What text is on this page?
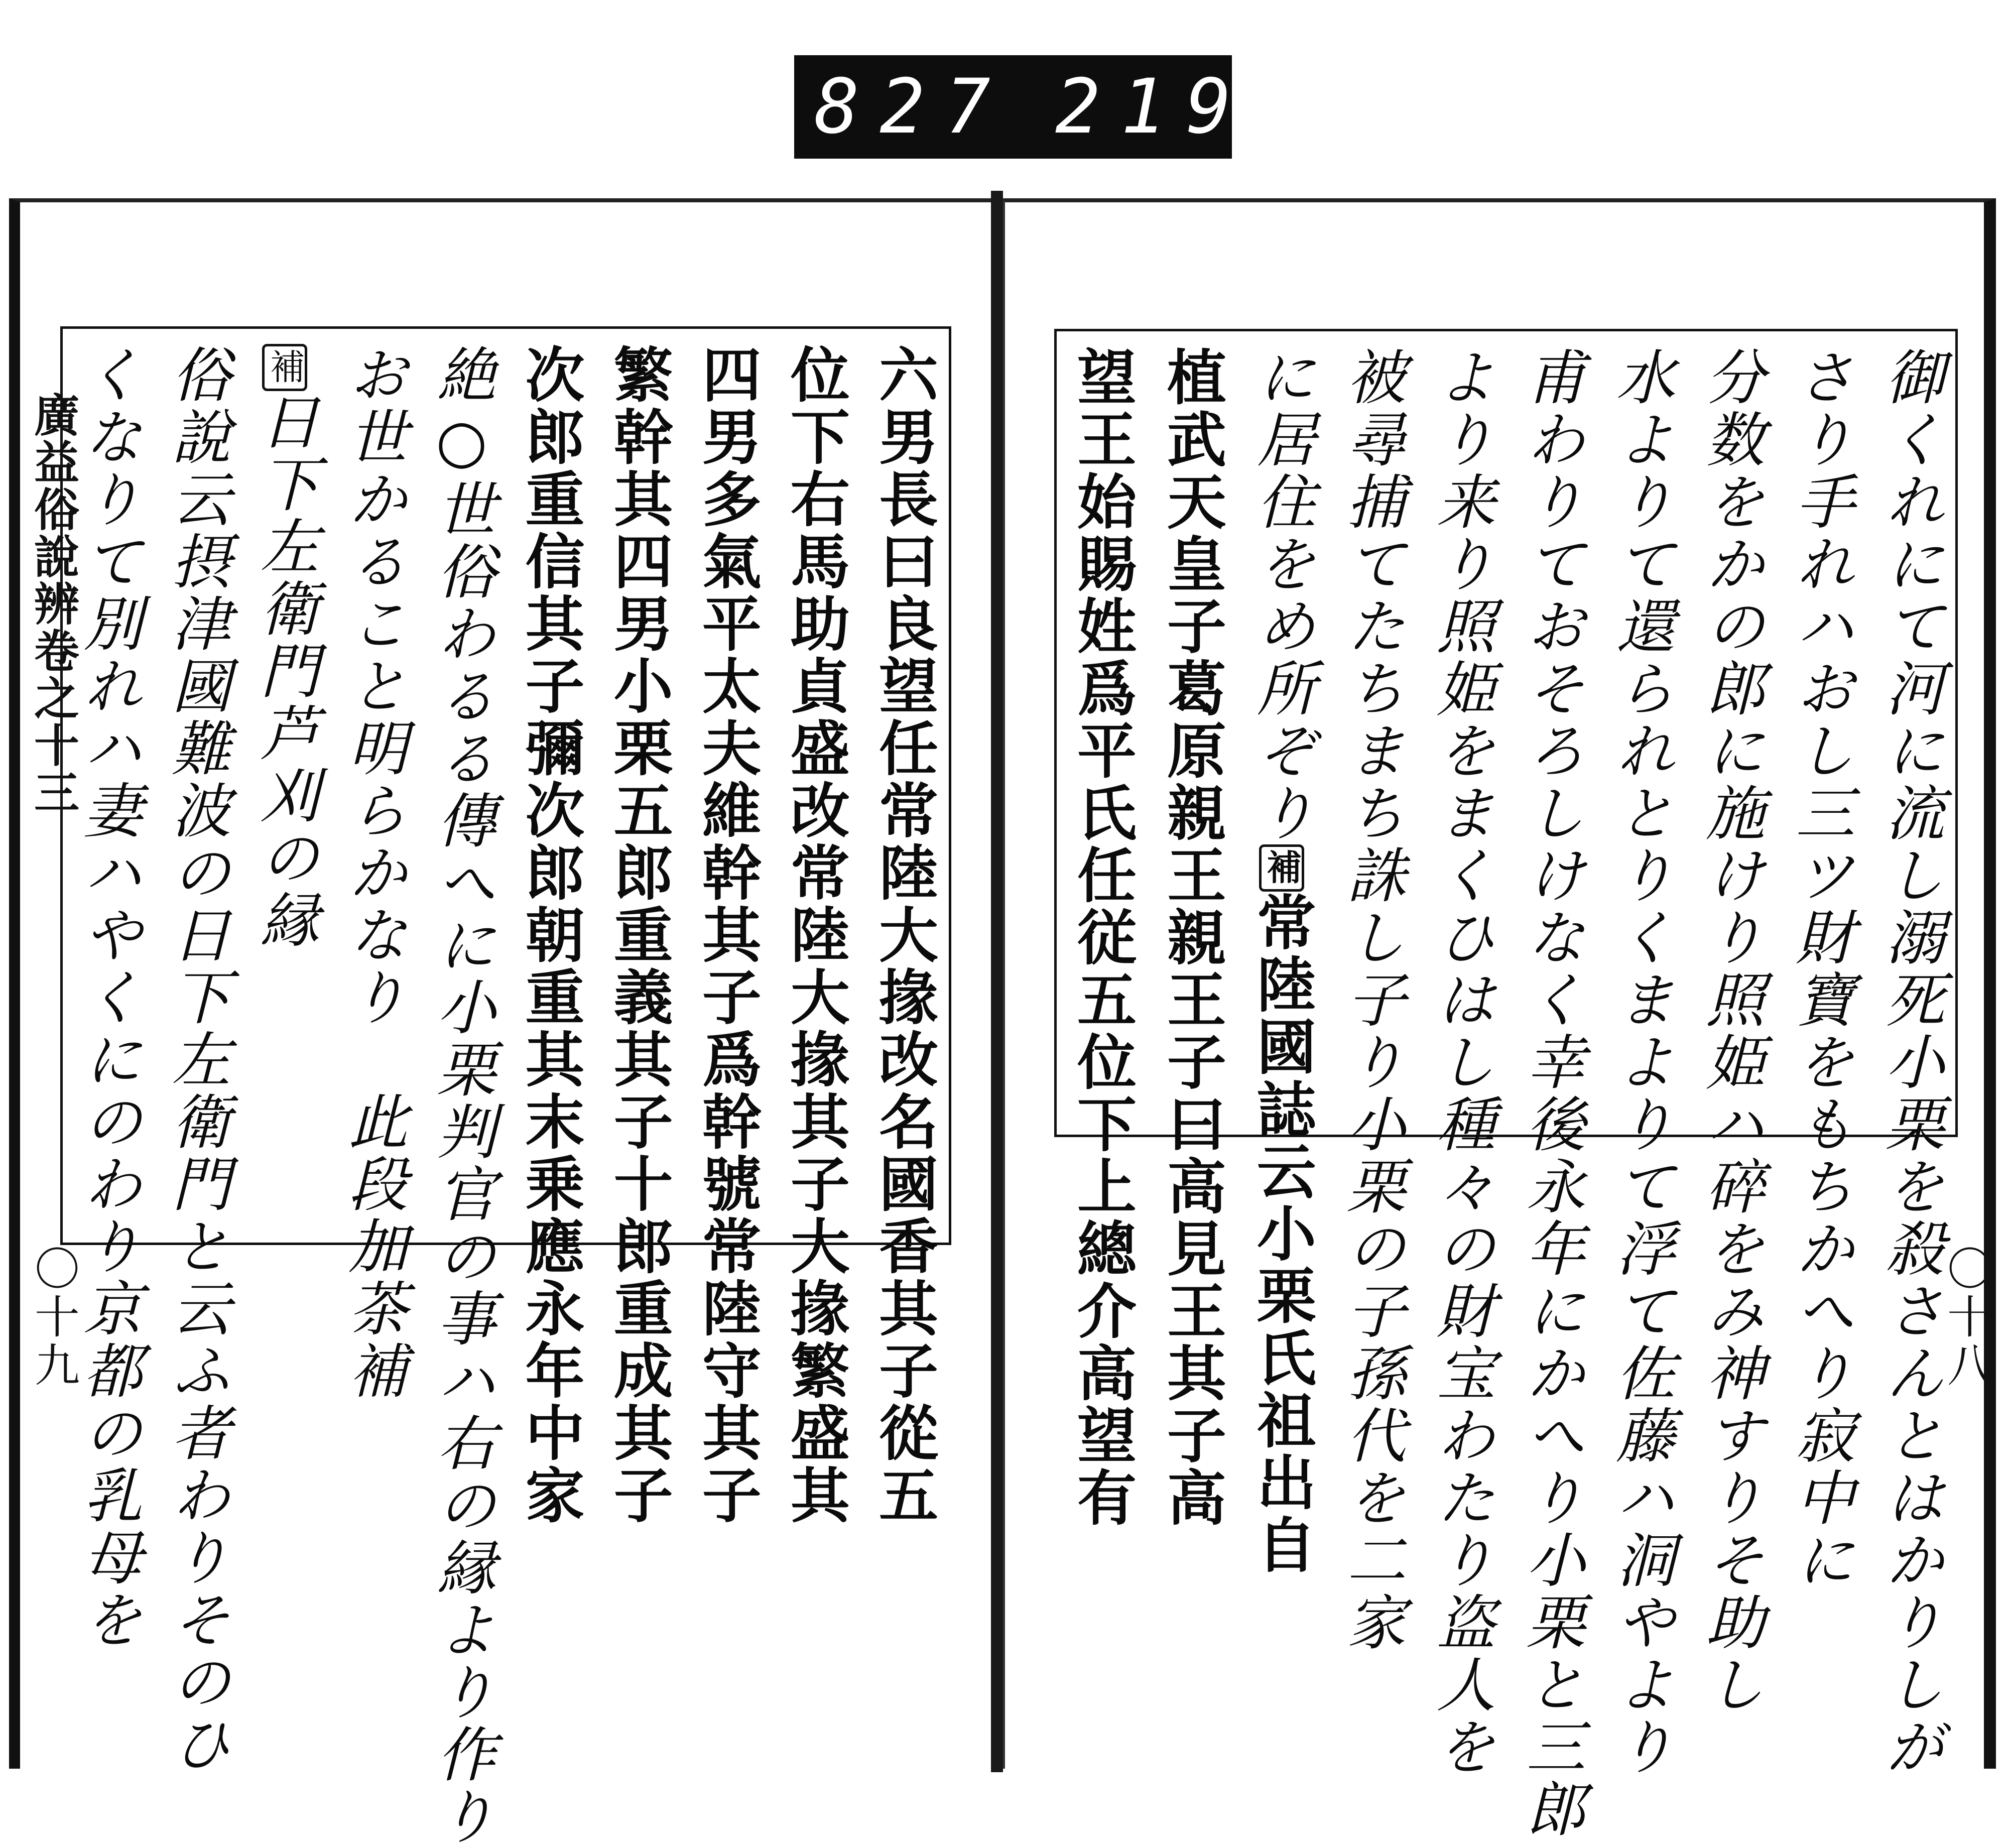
827 219
廣益俗說辨卷之十三
〇十九	〇十八
御くれにて河に流し溺死小栗を殺さんとはかりしが
さり手れハおし三ツ財寶をもちかへり寂中に
分数をかの郎に施けり照姫ハ碎をみ神すりそ助し
水よりて還られとりくまよりて浮て佐藤ハ洞やより
甫わりておそろしけなく幸後永年にかへり小栗と三郎
より来り照姫をまくひはし種々の財宝わたり盗人を
被尋捕てたちまち誅し子り小栗の子孫代を二家
に居住をめ所ぞり補常陸國誌云小栗氏祖出自
植武天皇子葛原親王親王子曰高見王其子高
望王始賜姓爲平氏任従五位下上總介高望有
六男長曰良望任常陸大掾改名國香其子從五
位下右馬助貞盛改常陸大掾其子大掾繁盛其
四男多氣平太夫維幹其子爲幹號常陸守其子
繁幹其四男小栗五郎重義其子十郎重成其子
次郎重信其子彌次郎朝重其末乗應永年中家
絶○世俗わるる傳へに小栗判官の事ハ右の縁より作り
お世かること明らかなり　此段加茶補
補日下左衛門芦刈の縁
俗說云摂津國難波の日下左衛門と云ふ者わりそのひ
くなりて別れハ妻ハやくにのわり京都の乳母を
